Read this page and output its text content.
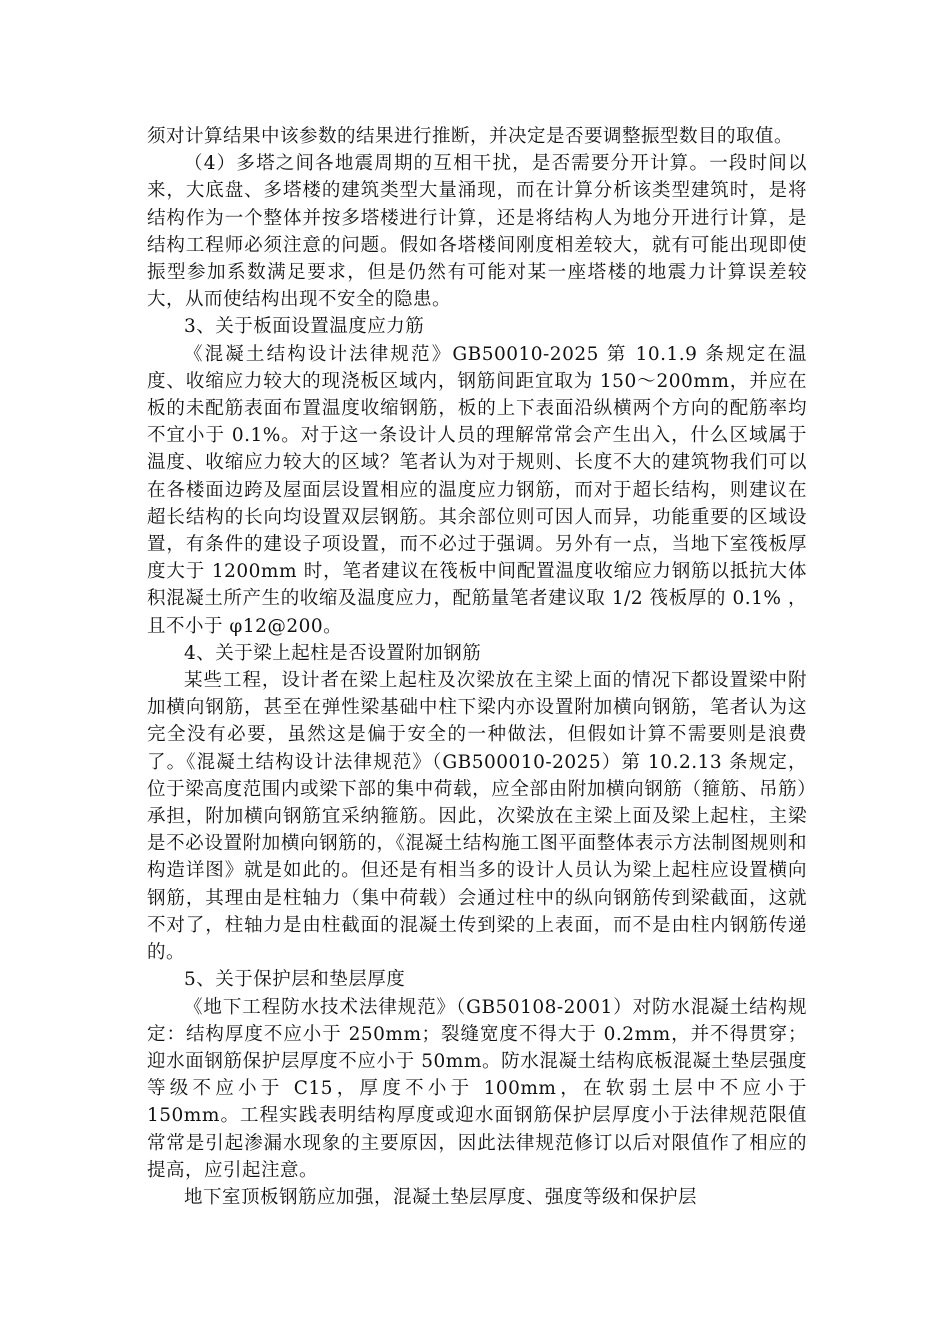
须对计算结果中该参数的结果进行推断，并决定是否要调整振型数目的取值。

（4）多塔之间各地震周期的互相干扰，是否需要分开计算。一段时间以来，大底盘、多塔楼的建筑类型大量涌现，而在计算分析该类型建筑时，是将结构作为一个整体并按多塔楼进行计算，还是将结构人为地分开进行计算，是结构工程师必须注意的问题。假如各塔楼间刚度相差较大，就有可能出现即使振型参加系数满足要求，但是仍然有可能对某一座塔楼的地震力计算误差较大，从而使结构出现不安全的隐患。

3、关于板面设置温度应力筋

《混凝土结构设计法律规范》GB50010-2025 第 10.1.9 条规定在温度、收缩应力较大的现浇板区域内，钢筋间距宜取为 150～200mm，并应在板的未配筋表面布置温度收缩钢筋，板的上下表面沿纵横两个方向的配筋率均不宜小于 0.1%。对于这一条设计人员的理解常常会产生出入，什么区域属于温度、收缩应力较大的区域？笔者认为对于规则、长度不大的建筑物我们可以在各楼面边跨及屋面层设置相应的温度应力钢筋，而对于超长结构，则建议在超长结构的长向均设置双层钢筋。其余部位则可因人而异，功能重要的区域设置，有条件的建设子项设置，而不必过于强调。另外有一点，当地下室筏板厚度大于 1200mm 时，笔者建议在筏板中间配置温度收缩应力钢筋以抵抗大体积混凝土所产生的收缩及温度应力，配筋量笔者建议取 1/2 筏板厚的 0.1% ，且不小于 φ12@200。

4、关于梁上起柱是否设置附加钢筋

某些工程，设计者在梁上起柱及次梁放在主梁上面的情况下都设置梁中附加横向钢筋，甚至在弹性梁基础中柱下梁内亦设置附加横向钢筋，笔者认为这完全没有必要，虽然这是偏于安全的一种做法，但假如计算不需要则是浪费了。《混凝土结构设计法律规范》（GB500010-2025）第 10.2.13 条规定，位于梁高度范围内或梁下部的集中荷载，应全部由附加横向钢筋（箍筋、吊筋）承担，附加横向钢筋宜采纳箍筋。因此，次梁放在主梁上面及梁上起柱，主梁是不必设置附加横向钢筋的，《混凝土结构施工图平面整体表示方法制图规则和构造详图》就是如此的。但还是有相当多的设计人员认为梁上起柱应设置横向钢筋，其理由是柱轴力（集中荷载）会通过柱中的纵向钢筋传到梁截面，这就不对了，柱轴力是由柱截面的混凝土传到梁的上表面，而不是由柱内钢筋传递的。

5、关于保护层和垫层厚度

《地下工程防水技术法律规范》（GB50108-2001）对防水混凝土结构规定：结构厚度不应小于 250mm；裂缝宽度不得大于 0.2mm，并不得贯穿；迎水面钢筋保护层厚度不应小于 50mm。防水混凝土结构底板混凝土垫层强度等级不应小于 C15，厚度不小于 100mm，在软弱土层中不应小于 150mm。工程实践表明结构厚度或迎水面钢筋保护层厚度小于法律规范限值常常是引起渗漏水现象的主要原因，因此法律规范修订以后对限值作了相应的提高，应引起注意。

地下室顶板钢筋应加强，混凝土垫层厚度、强度等级和保护层
